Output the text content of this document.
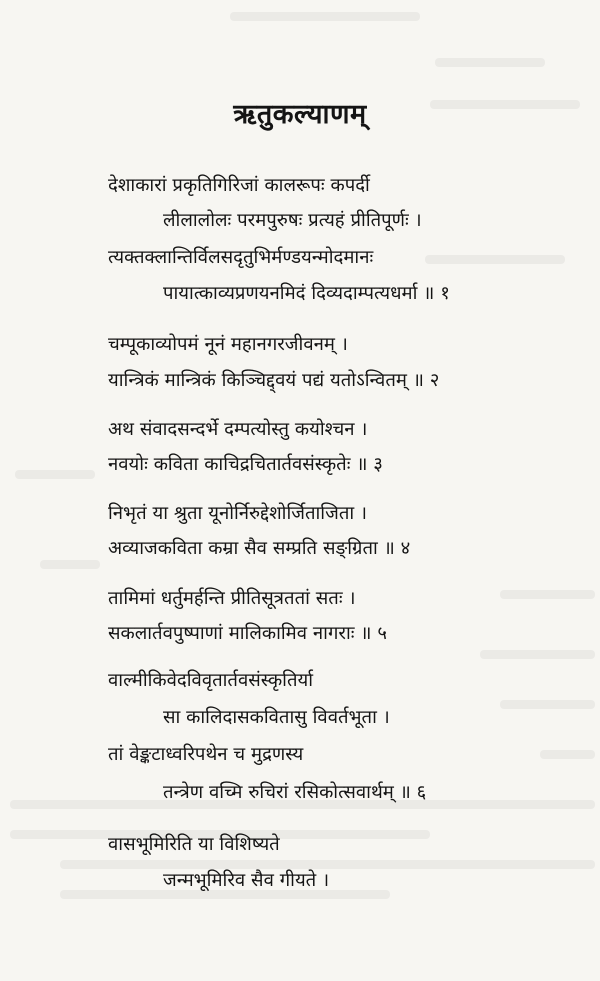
ऋतुकल्याणम्
देशाकारां प्रकृतिगिरिजां कालरूपः कपर्दी
लीलालोलः परमपुरुषः प्रत्यहं प्रीतिपूर्णः ।
त्यक्तक्लान्तिर्विलसदृतुभिर्मण्डयन्मोदमानः
पायात्काव्यप्रणयनमिदं दिव्यदाम्पत्यधर्मा ॥ १
चम्पूकाव्योपमं नूनं महानगरजीवनम् ।
यान्त्रिकं मान्त्रिकं किञ्चिद्द्वयं पद्यं यतोऽन्वितम् ॥ २
अथ संवादसन्दर्भे दम्पत्योस्तु कयोश्चन ।
नवयोः कविता काचिद्रचितार्तवसंस्कृतेः ॥ ३
निभृतं या श्रुता यूनोर्निरुद्देशोर्जिताजिता ।
अव्याजकविता कम्रा सैव सम्प्रति सङ्ग्रिता ॥ ४
तामिमां धर्तुमर्हन्ति प्रीतिसूत्रततां सतः ।
सकलार्तवपुष्पाणां मालिकामिव नागराः ॥ ५
वाल्मीकिवेदविवृतार्तवसंस्कृतिर्या
सा कालिदासकवितासु विवर्तभूता ।
तां वेङ्कटाध्वरिपथेन च मुद्रणस्य
तन्त्रेण वच्मि रुचिरां रसिकोत्सवार्थम् ॥ ६
वासभूमिरिति या विशिष्यते
जन्मभूमिरिव सैव गीयते ।
